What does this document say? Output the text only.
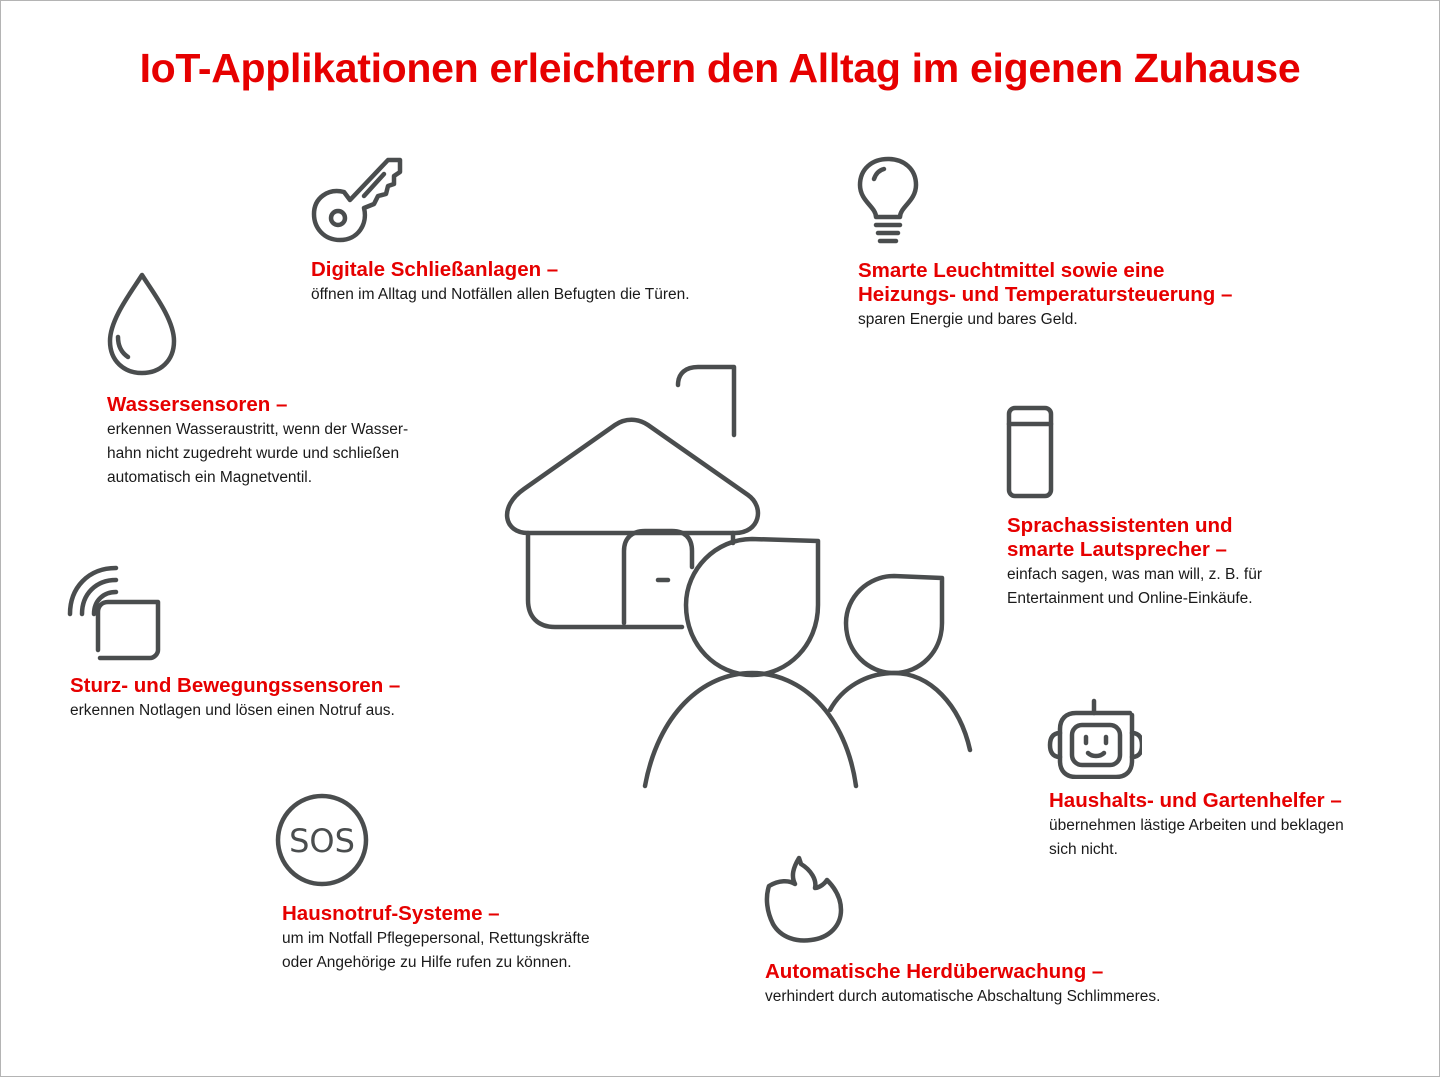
IoT-Applikationen erleichtern den Alltag im eigenen Zuhause
Digitale Schließanlagen –
öffnen im Alltag und Notfällen allen Befugten die Türen.
Smarte Leuchtmittel sowie eine
Heizungs- und Temperatursteuerung –
sparen Energie und bares Geld.
Wassersensoren –
erkennen Wasseraustritt, wenn der Wasser-
hahn nicht zugedreht wurde und schließen
automatisch ein Magnetventil.
Sprachassistenten und
smarte Lautsprecher –
einfach sagen, was man will, z. B. für
Entertainment und Online-Einkäufe.
Sturz- und Bewegungssensoren –
erkennen Notlagen und lösen einen Notruf aus.
Haushalts- und Gartenhelfer –
übernehmen lästige Arbeiten und beklagen
sich nicht.
SOS
Hausnotruf-Systeme –
um im Notfall Pflegepersonal, Rettungskräfte
oder Angehörige zu Hilfe rufen zu können.	Automatische Herdüberwachung –
verhindert durch automatische Abschaltung Schlimmeres.
